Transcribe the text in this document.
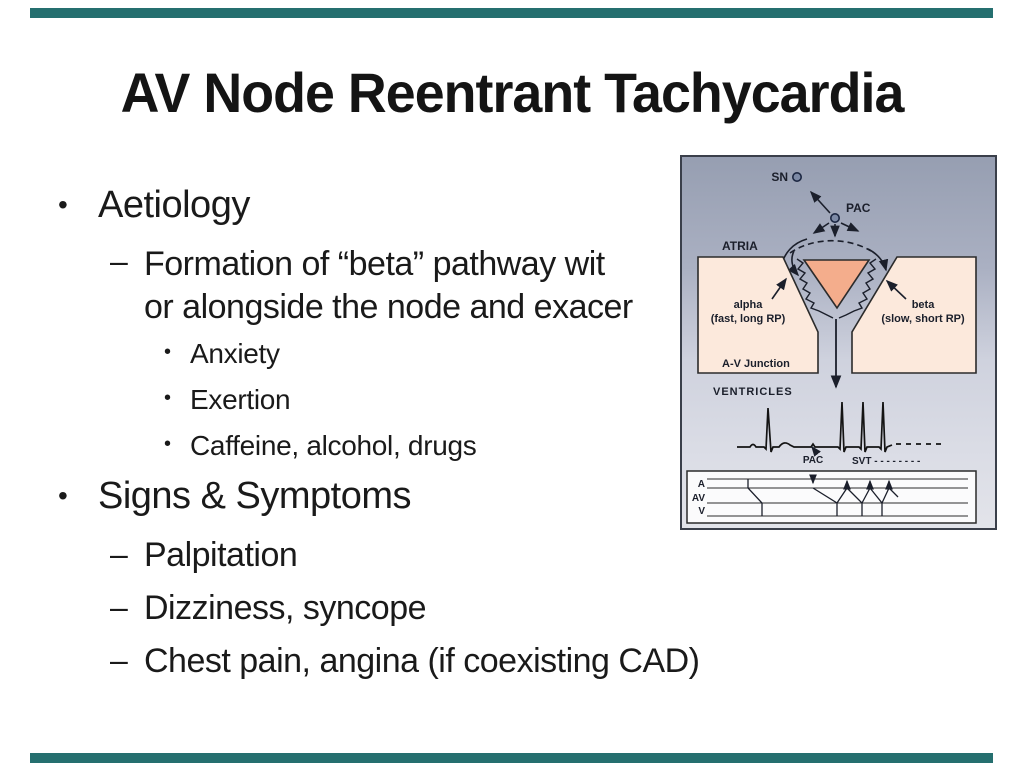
AV Node Reentrant Tachycardia
• Aetiology
– Formation of “beta” pathway wit
or alongside the node and exacer
• Anxiety
• Exertion
• Caffeine, alcohol, drugs
• Signs & Symptoms
– Palpitation
– Dizziness, syncope
– Chest pain, angina (if coexisting CAD)
SN
PAC
ATRIA
alpha
(fast, long RP)
beta
(slow, short RP)
A-V Junction
VENTRICLES
PAC	SVT - - - - - - - -
A
AV
V
